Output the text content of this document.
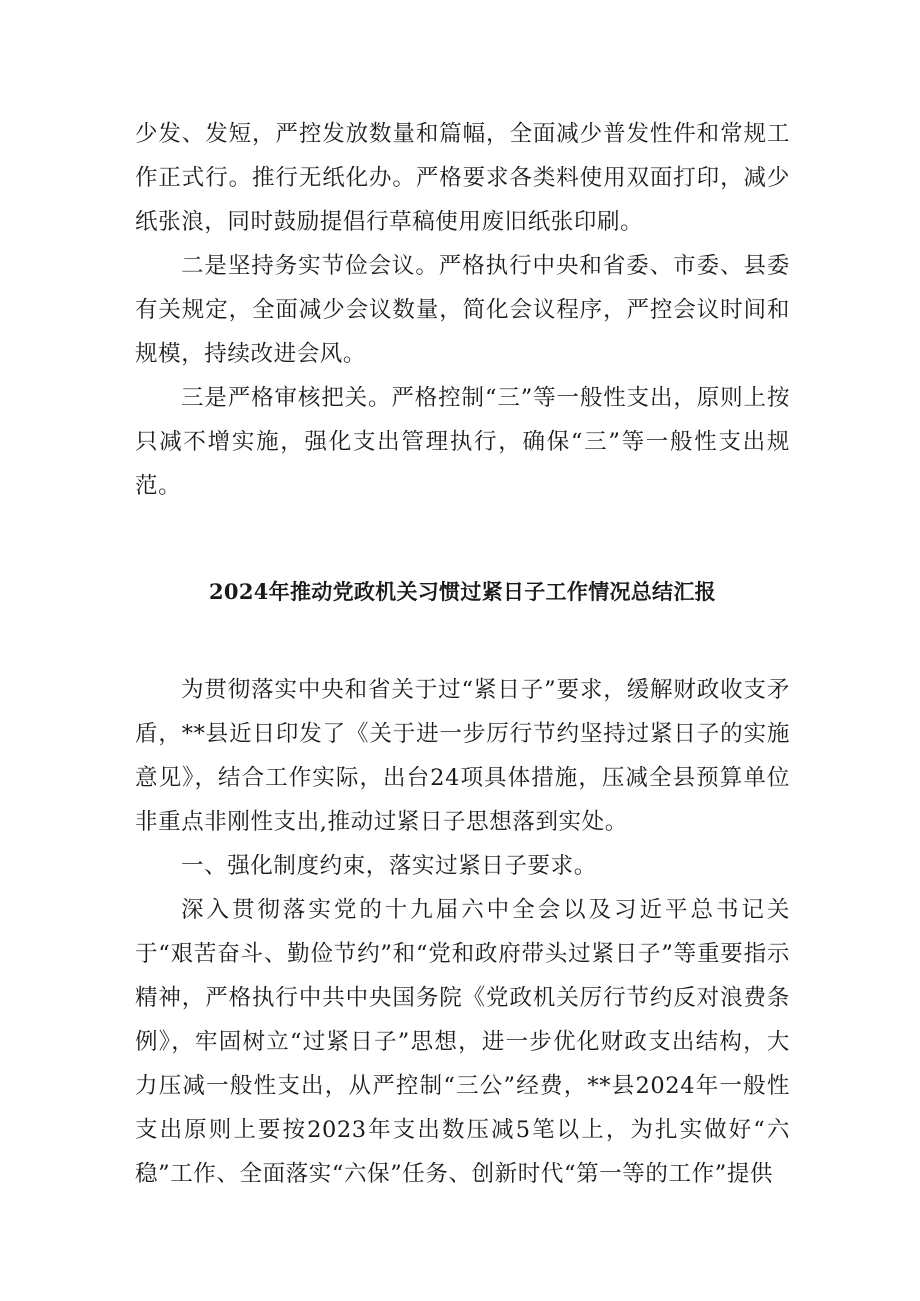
少发、发短，严控发放数量和篇幅，全面减少普发性件和常规工作正式行。推行无纸化办。严格要求各类料使用双面打印，减少纸张浪，同时鼓励提倡行草稿使用废旧纸张印刷。

二是坚持务实节俭会议。严格执行中央和省委、市委、县委有关规定，全面减少会议数量，简化会议程序，严控会议时间和规模，持续改进会风。

三是严格审核把关。严格控制“三”等一般性支出，原则上按只减不增实施，强化支出管理执行，确保“三”等一般性支出规范。

2024年推动党政机关习惯过紧日子工作情况总结汇报

为贯彻落实中央和省关于过“紧日子”要求，缓解财政收支矛盾，**县近日印发了《关于进一步厉行节约坚持过紧日子的实施意见》，结合工作实际，出台24项具体措施，压减全县预算单位非重点非刚性支出,推动过紧日子思想落到实处。

一、强化制度约束，落实过紧日子要求。

深入贯彻落实党的十九届六中全会以及习近平总书记关于“艰苦奋斗、勤俭节约”和“党和政府带头过紧日子”等重要指示精神，严格执行中共中央国务院《党政机关厉行节约反对浪费条例》，牢固树立“过紧日子”思想，进一步优化财政支出结构，大力压减一般性支出，从严控制“三公”经费，**县2024年一般性支出原则上要按2023年支出数压减5笔以上，为扎实做好“六稳”工作、全面落实“六保”任务、创新时代“第一等的工作”提供
